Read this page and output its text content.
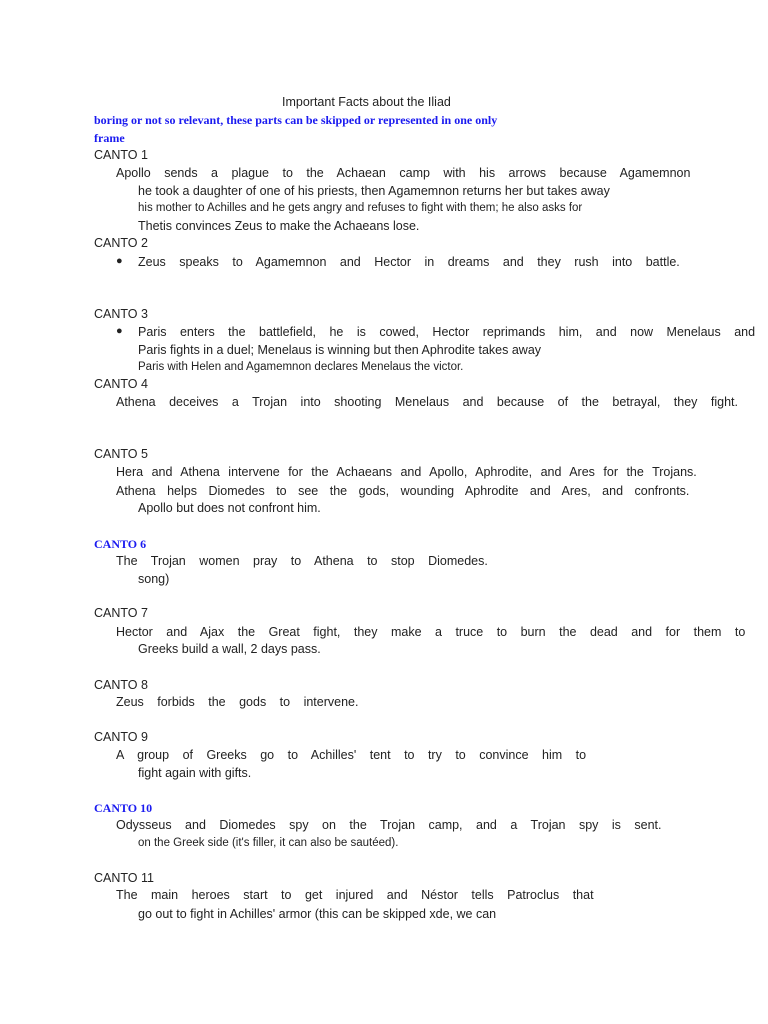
Important Facts about the Iliad
boring or not so relevant, these parts can be skipped or represented in one only
frame
CANTO 1
Apollo sends a plague to the Achaean camp with his arrows because Agamemnon
he took a daughter of one of his priests, then Agamemnon returns her but takes away
his mother to Achilles and he gets angry and refuses to fight with them; he also asks for
Thetis convinces Zeus to make the Achaeans lose.
CANTO 2
● Zeus speaks to Agamemnon and Hector in dreams and they rush into battle.
CANTO 3
● Paris enters the battlefield, he is cowed, Hector reprimands him, and now Menelaus and
Paris fights in a duel; Menelaus is winning but then Aphrodite takes away
Paris with Helen and Agamemnon declares Menelaus the victor.
CANTO 4
Athena deceives a Trojan into shooting Menelaus and because of the betrayal, they fight.
CANTO 5
Hera and Athena intervene for the Achaeans and Apollo, Aphrodite, and Ares for the Trojans.
Athena helps Diomedes to see the gods, wounding Aphrodite and Ares, and confronts.
Apollo but does not confront him.
CANTO 6
The Trojan women pray to Athena to stop Diomedes.
song)
CANTO 7
Hector and Ajax the Great fight, they make a truce to burn the dead and for them to
Greeks build a wall, 2 days pass.
CANTO 8
Zeus forbids the gods to intervene.
CANTO 9
A group of Greeks go to Achilles' tent to try to convince him to
fight again with gifts.
CANTO 10
Odysseus and Diomedes spy on the Trojan camp, and a Trojan spy is sent.
on the Greek side (it's filler, it can also be sautéed).
CANTO 11
The main heroes start to get injured and Néstor tells Patroclus that
go out to fight in Achilles' armor (this can be skipped xde, we can
